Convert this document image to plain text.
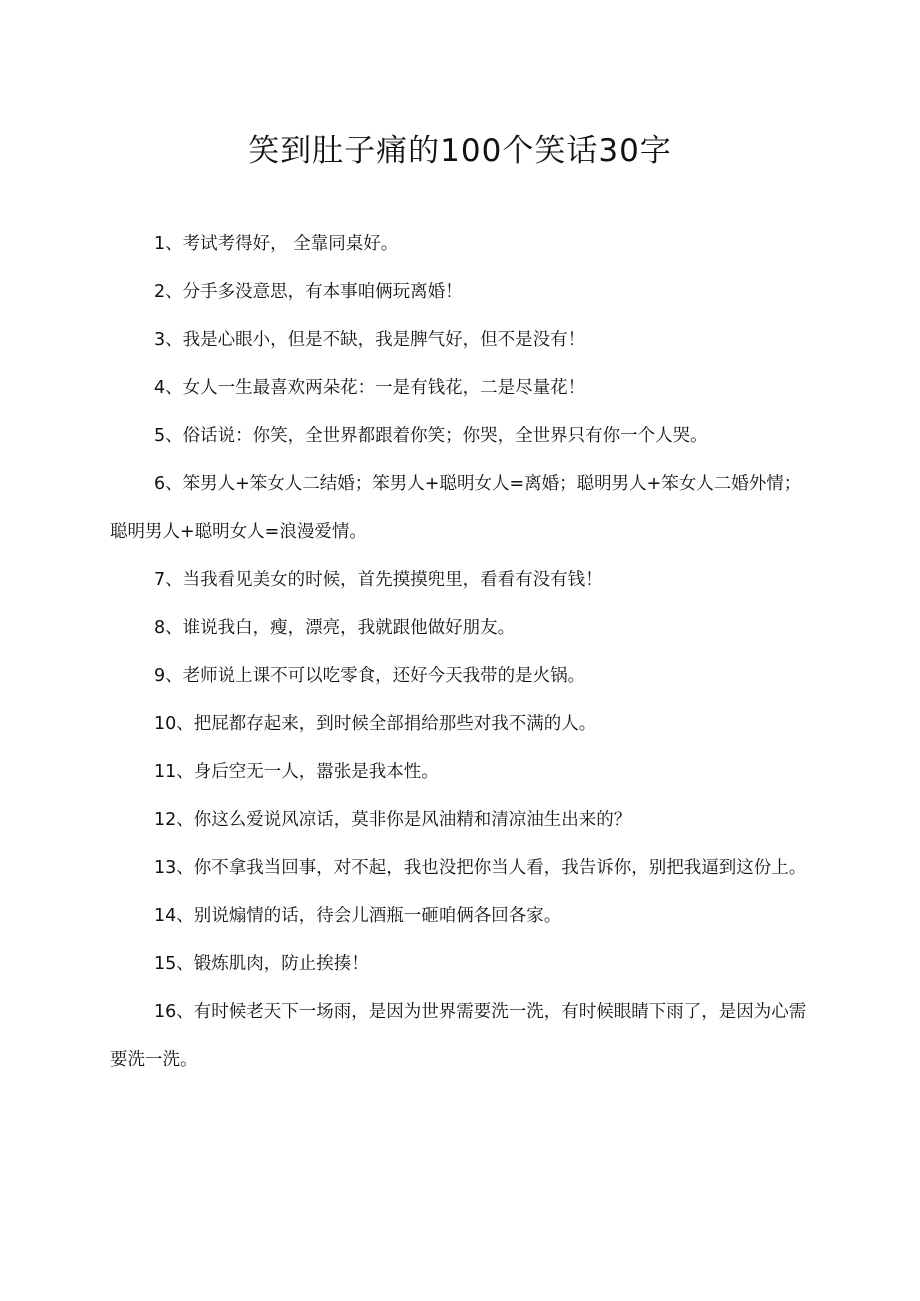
笑到肚子痛的100个笑话30字

1、考试考得好， 全靠同桌好。

2、分手多没意思，有本事咱俩玩离婚！

3、我是心眼小，但是不缺，我是脾气好，但不是没有！

4、女人一生最喜欢两朵花：一是有钱花，二是尽量花！

5、俗话说：你笑，全世界都跟着你笑；你哭，全世界只有你一个人哭。

6、笨男人+笨女人二结婚；笨男人+聪明女人=离婚；聪明男人+笨女人二婚外情；聪明男人+聪明女人=浪漫爱情。

7、当我看见美女的时候，首先摸摸兜里，看看有没有钱！

8、谁说我白，瘦，漂亮，我就跟他做好朋友。

9、老师说上课不可以吃零食，还好今天我带的是火锅。

10、把屁都存起来，到时候全部捐给那些对我不满的人。

11、身后空无一人，嚣张是我本性。

12、你这么爱说风凉话，莫非你是风油精和清凉油生出来的？

13、你不拿我当回事，对不起，我也没把你当人看，我告诉你，别把我逼到这份上。

14、别说煽情的话，待会儿酒瓶一砸咱俩各回各家。

15、锻炼肌肉，防止挨揍！

16、有时候老天下一场雨，是因为世界需要洗一洗，有时候眼睛下雨了，是因为心需要洗一洗。
